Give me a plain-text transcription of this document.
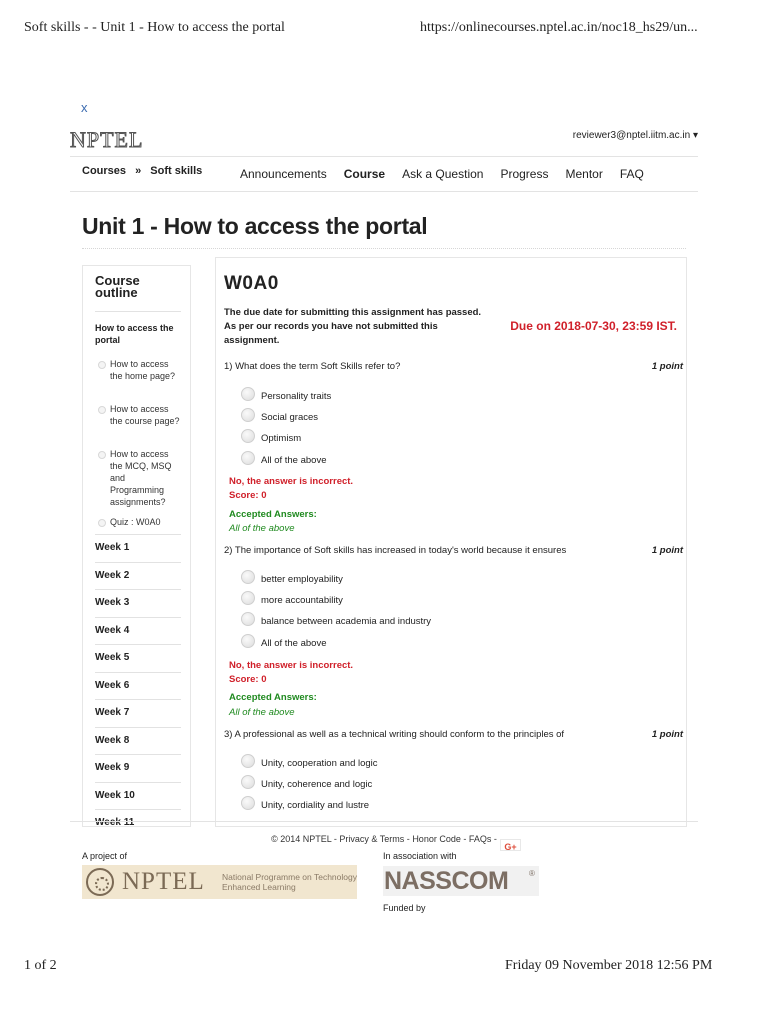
Soft skills - - Unit 1 - How to access the portal	https://onlinecourses.nptel.ac.in/noc18_hs29/un...
x
NPTEL	reviewer3@nptel.iitm.ac.in ▾
Courses » Soft skills	Announcements Course Ask a Question Progress Mentor FAQ
Unit 1 - How to access the portal
Course outline
How to access the portal
How to access the home page?
How to access the course page?
How to access the MCQ, MSQ and Programming assignments?
Quiz : W0A0
Week 1
Week 2
Week 3
Week 4
Week 5
Week 6
Week 7
Week 8
Week 9
Week 10
Week 11
W0A0
The due date for submitting this assignment has passed.
As per our records you have not submitted this assignment.
Due on 2018-07-30, 23:59 IST.
1) What does the term Soft Skills refer to?	1 point
Personality traits
Social graces
Optimism
All of the above
No, the answer is incorrect.
Score: 0
Accepted Answers:
All of the above
2) The importance of Soft skills has increased in today's world because it ensures	1 point
better employability
more accountability
balance between academia and industry
All of the above
No, the answer is incorrect.
Score: 0
Accepted Answers:
All of the above
3) A professional as well as a technical writing should conform to the principles of	1 point
Unity, cooperation and logic
Unity, coherence and logic
Unity, cordiality and lustre
© 2014 NPTEL - Privacy & Terms - Honor Code - FAQs -
G+
A project of
NPTEL National Programme on Technology Enhanced Learning
In association with
NASSCOM	®
Funded by
1 of 2	Friday 09 November 2018 12:56 PM
